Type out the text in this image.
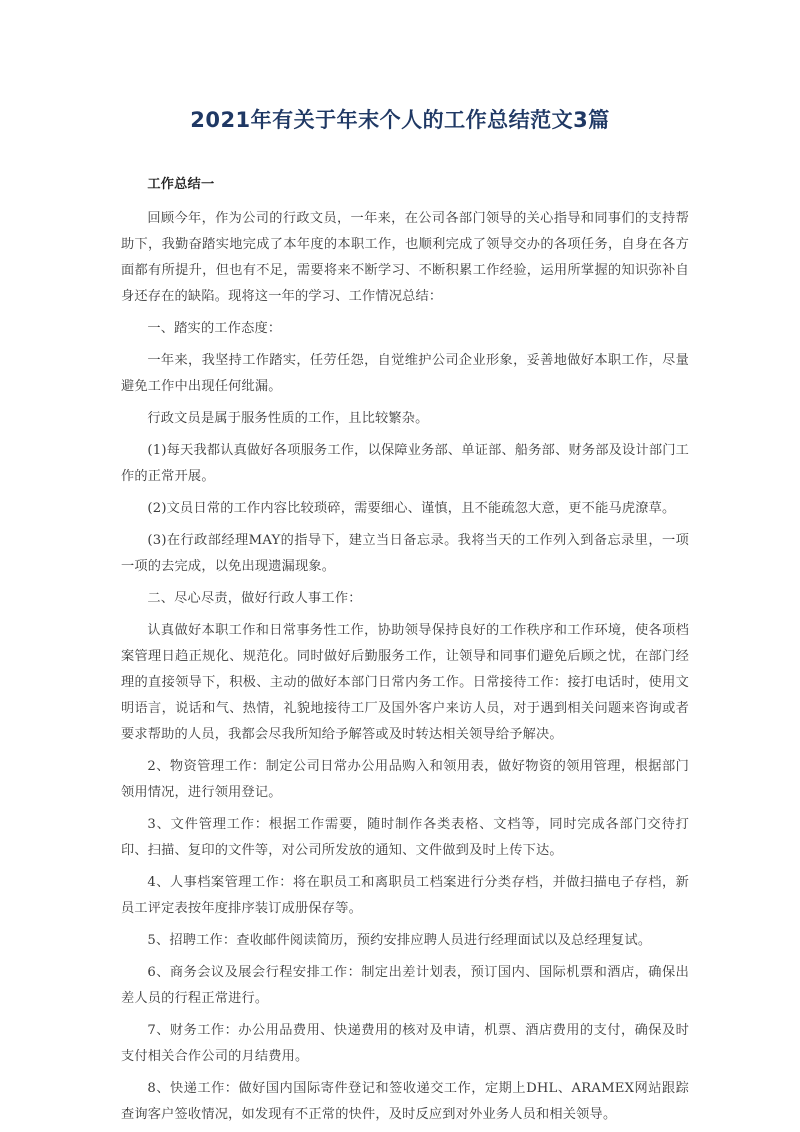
2021年有关于年末个人的工作总结范文3篇

工作总结一

回顾今年，作为公司的行政文员，一年来，在公司各部门领导的关心指导和同事们的支持帮助下，我勤奋踏实地完成了本年度的本职工作，也顺利完成了领导交办的各项任务，自身在各方面都有所提升，但也有不足，需要将来不断学习、不断积累工作经验，运用所掌握的知识弥补自身还存在的缺陷。现将这一年的学习、工作情况总结：

一、踏实的工作态度：

一年来，我坚持工作踏实，任劳任怨，自觉维护公司企业形象，妥善地做好本职工作，尽量避免工作中出现任何纰漏。

行政文员是属于服务性质的工作，且比较繁杂。

(1)每天我都认真做好各项服务工作，以保障业务部、单证部、船务部、财务部及设计部门工作的正常开展。

(2)文员日常的工作内容比较琐碎，需要细心、谨慎，且不能疏忽大意，更不能马虎潦草。

(3)在行政部经理MAY的指导下，建立当日备忘录。我将当天的工作列入到备忘录里，一项一项的去完成，以免出现遗漏现象。

二、尽心尽责，做好行政人事工作：

认真做好本职工作和日常事务性工作，协助领导保持良好的工作秩序和工作环境，使各项档案管理日趋正规化、规范化。同时做好后勤服务工作，让领导和同事们避免后顾之忧，在部门经理的直接领导下，积极、主动的做好本部门日常内务工作。日常接待工作：接打电话时，使用文明语言，说话和气、热情，礼貌地接待工厂及国外客户来访人员，对于遇到相关问题来咨询或者要求帮助的人员，我都会尽我所知给予解答或及时转达相关领导给予解决。

2、物资管理工作：制定公司日常办公用品购入和领用表，做好物资的领用管理，根据部门领用情况，进行领用登记。

3、文件管理工作：根据工作需要，随时制作各类表格、文档等，同时完成各部门交待打印、扫描、复印的文件等，对公司所发放的通知、文件做到及时上传下达。

4、人事档案管理工作：将在职员工和离职员工档案进行分类存档，并做扫描电子存档，新员工评定表按年度排序装订成册保存等。

5、招聘工作：查收邮件阅读简历，预约安排应聘人员进行经理面试以及总经理复试。

6、商务会议及展会行程安排工作：制定出差计划表，预订国内、国际机票和酒店，确保出差人员的行程正常进行。

7、财务工作：办公用品费用、快递费用的核对及申请，机票、酒店费用的支付，确保及时支付相关合作公司的月结费用。

8、快递工作：做好国内国际寄件登记和签收递交工作，定期上DHL、ARAMEX网站跟踪查询客户签收情况，如发现有不正常的快件，及时反应到对外业务人员和相关领导。
